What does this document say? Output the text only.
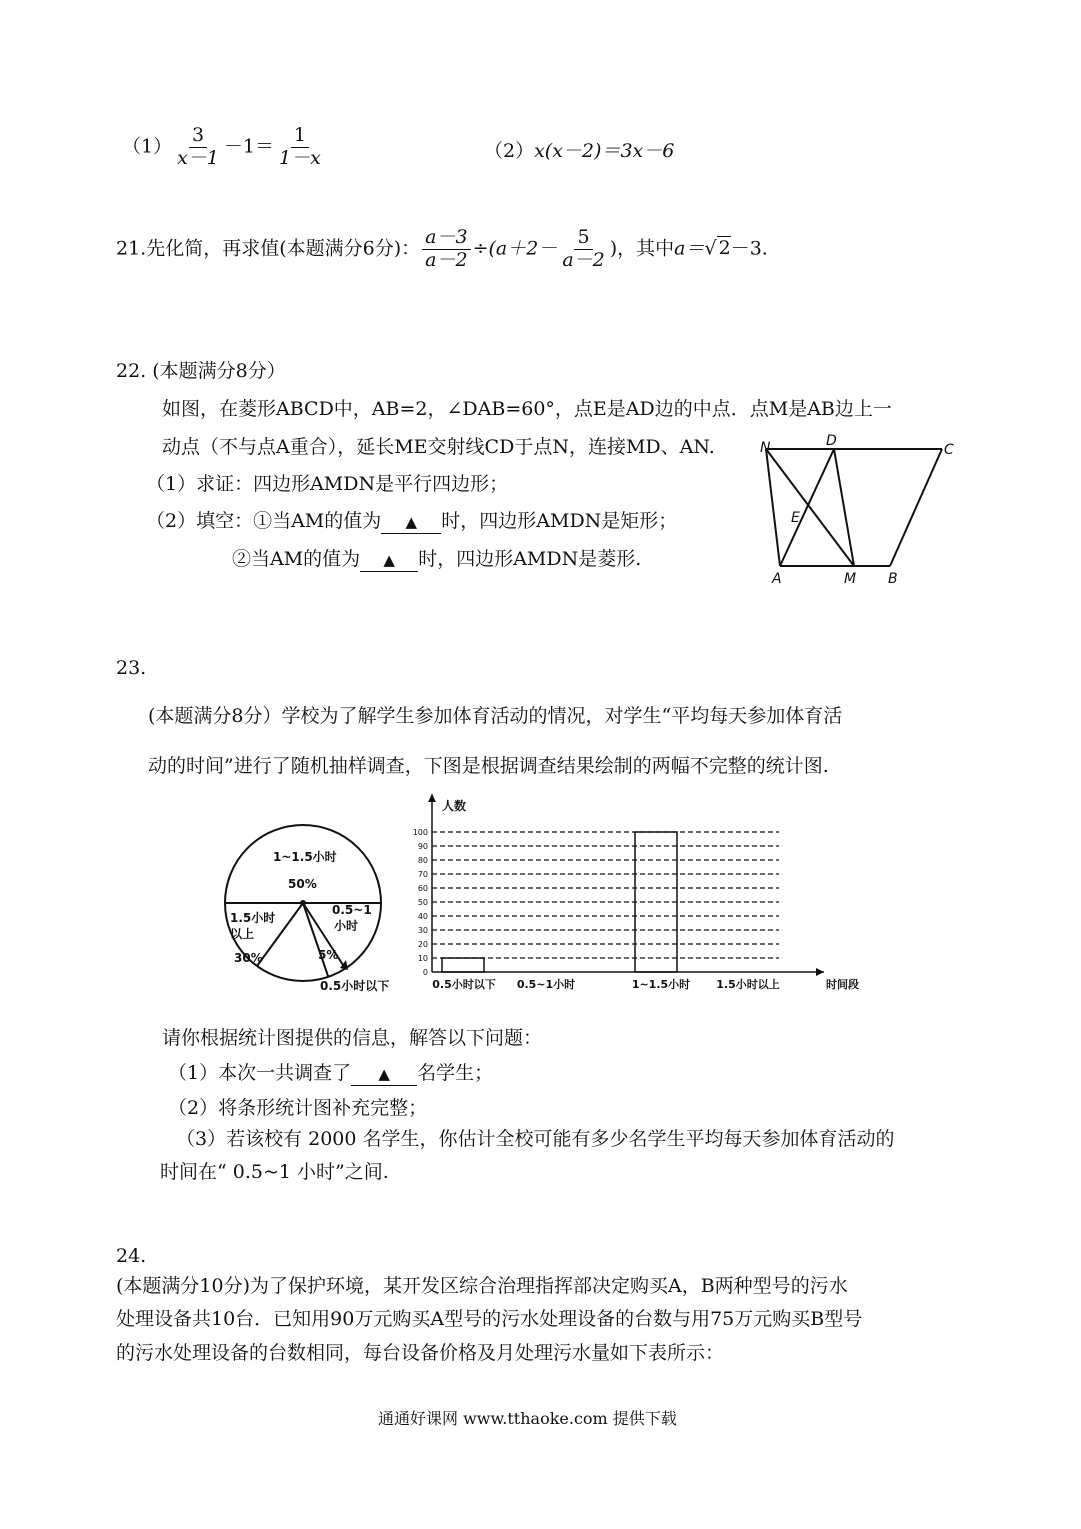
$(1) \frac{3}{x-1} -1= \frac{1}{1-x}$	（2）x(x－2)＝3x－6
21.先化简，再求值(本题满分6分)： $\frac{a-3}{a-2} \div(a+2- \frac{5}{a-2}$ )，其中a＝√ 2－3.
22. (本题满分8分）
如图，在菱形ABCD中，AB=2，∠DAB=60°，点E是AD边的中点．点M是AB边上一
动点（不与点A重合），延长ME交射线CD于点N，连接MD、AN.
（1）求证：四边形AMDN是平行四边形；
（2）填空：①当AM的值为 ▲ 时，四边形AMDN是矩形；
②当AM的值为 ▲ 时，四边形AMDN是菱形.
N	D
C
E
A	M B
23.
(本题满分8分）学校为了解学生参加体育活动的情况，对学生“平均每天参加体育活
动的时间”进行了随机抽样调查，下图是根据调查结果绘制的两幅不完整的统计图.
1~1.5小时
50%
1.5小时
以上
30%
0.5~1
小时
5%
0.5小时以下
人数
0
10
20
30
40
50
60
70
80
90
100
0.5小时以下 0.5~1小时	1~1.5小时 1.5小时以上	时间段
请你根据统计图提供的信息，解答以下问题：
（1）本次一共调查了 ▲ 名学生；
（2）将条形统计图补充完整；
（3）若该校有 2000 名学生，你估计全校可能有多少名学生平均每天参加体育活动的
时间在“ 0.5~1 小时”之间.
24.
(本题满分10分)为了保护环境，某开发区综合治理指挥部决定购买A，B两种型号的污水
处理设备共10台．已知用90万元购买A型号的污水处理设备的台数与用75万元购买B型号
的污水处理设备的台数相同，每台设备价格及月处理污水量如下表所示：
通通好课网 www.tthaoke.com 提供下载
